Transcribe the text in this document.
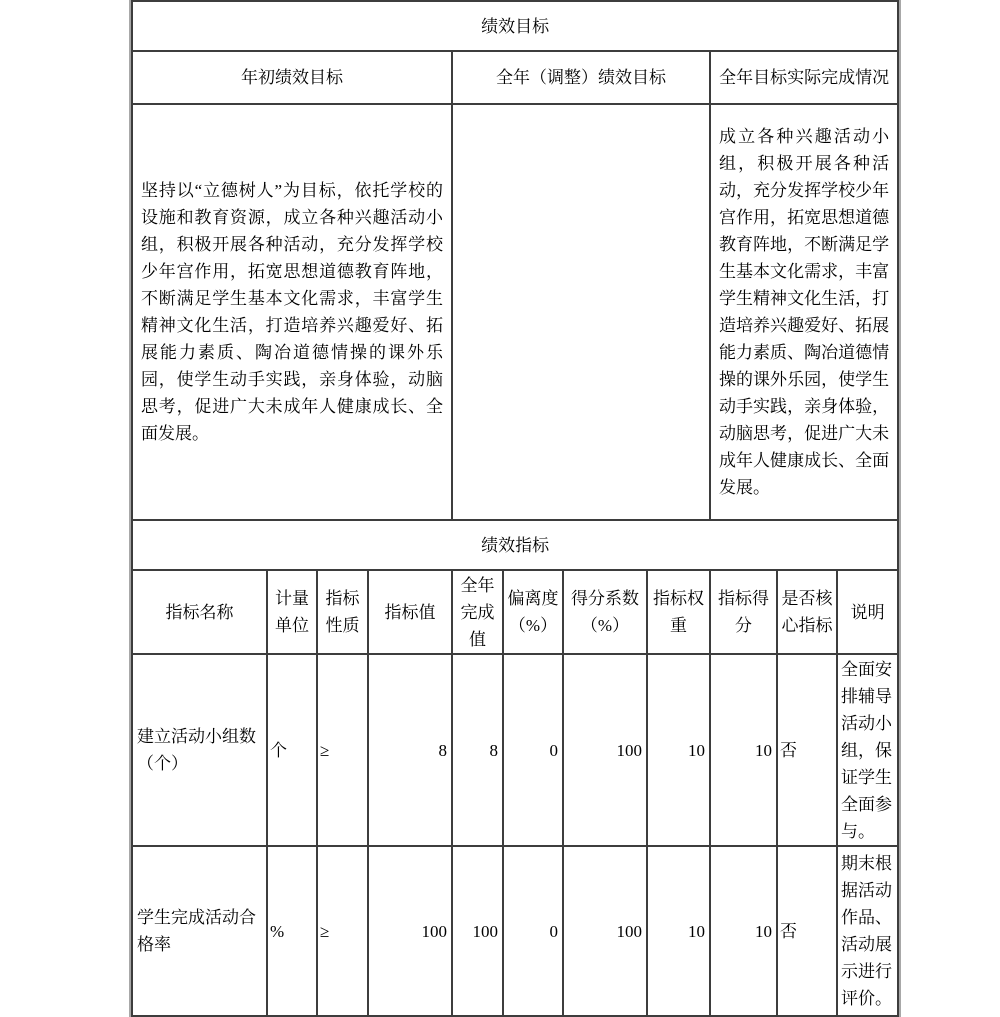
绩效目标										
年初绩效目标				全年（调整）绩效目标				全年目标实际完成情况		
坚持以“立德树人”为目标，依托学校的设施和教育资源，成立各种兴趣活动小组，积极开展各种活动，充分发挥学校少年宫作用，拓宽思想道德教育阵地，不断满足学生基本文化需求，丰富学生精神文化生活，打造培养兴趣爱好、拓展能力素质、陶冶道德情操的课外乐园，使学生动手实践，亲身体验，动脑思考，促进广大未成年人健康成长、全面发展。								成立各种兴趣活动小组，积极开展各种活动，充分发挥学校少年宫作用，拓宽思想道德教育阵地，不断满足学生基本文化需求，丰富学生精神文化生活，打造培养兴趣爱好、拓展能力素质、陶冶道德情操的课外乐园，使学生动手实践，亲身体验，动脑思考，促进广大未成年人健康成长、全面发展。		
绩效指标										
指标名称	计量单位	指标性质	指标值	全年完成值	偏离度（%）	得分系数（%）	指标权重	指标得分	是否核心指标	说明
建立活动小组数（个）	个	≥	8	8	0	100	10	10	否	全面安排辅导活动小组，保证学生全面参与。
学生完成活动合格率	%	≥	100	100	0	100	10	10	否	期末根据活动作品、活动展示进行评价。
